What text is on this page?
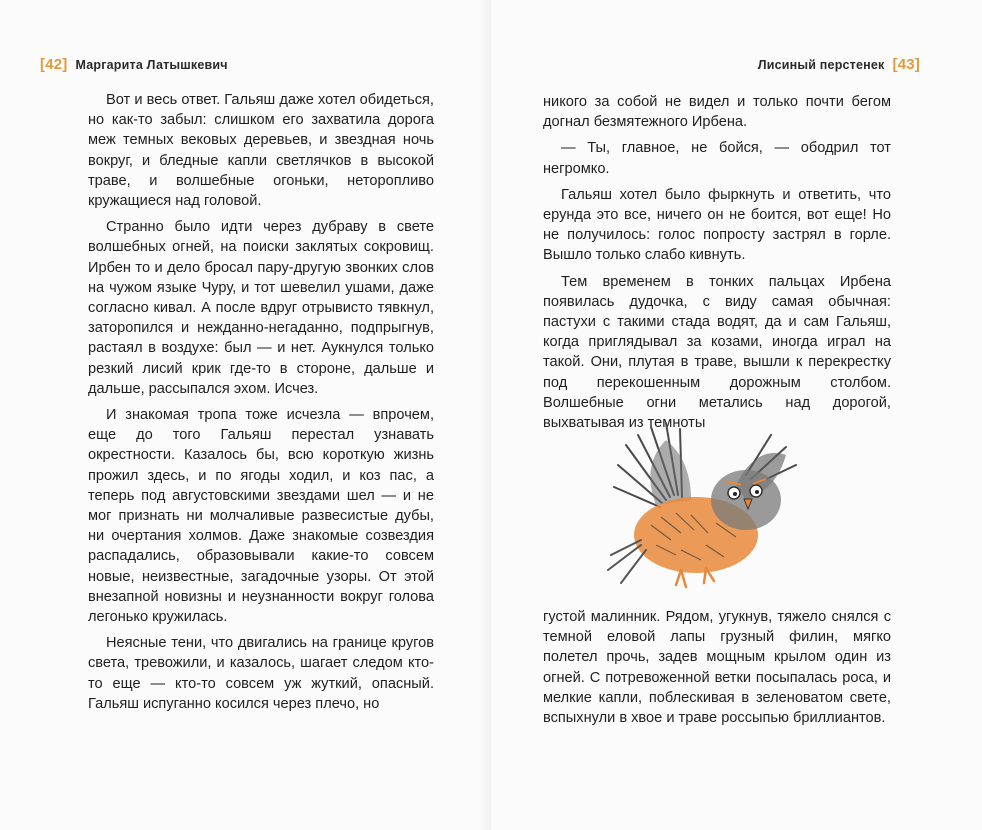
[42] Маргарита Латышкевич

Вот и весь ответ. Гальяш даже хотел обидеться, но как-то забыл: слишком его захватила дорога меж темных вековых деревьев, и звездная ночь вокруг, и бледные капли светлячков в высокой траве, и волшебные огоньки, неторопливо кружащиеся над головой.

Странно было идти через дубраву в свете волшебных огней, на поиски заклятых сокровищ. Ирбен то и дело бросал пару-другую звонких слов на чужом языке Чуру, и тот шевелил ушами, даже согласно кивал. А после вдруг отрывисто тявкнул, заторопился и нежданно-негаданно, подпрыгнув, растаял в воздухе: был — и нет. Аукнулся только резкий лисий крик где-то в стороне, дальше и дальше, рассыпался эхом. Исчез.

И знакомая тропа тоже исчезла — впрочем, еще до того Гальяш перестал узнавать окрестности. Казалось бы, всю короткую жизнь прожил здесь, и по ягоды ходил, и коз пас, а теперь под августовскими звездами шел — и не мог признать ни молчаливые развесистые дубы, ни очертания холмов. Даже знакомые созвездия распадались, образовывали какие-то совсем новые, неизвестные, загадочные узоры. От этой внезапной новизны и неузнанности вокруг голова легонько кружилась.

Неясные тени, что двигались на границе кругов света, тревожили, и казалось, шагает следом кто-то еще — кто-то совсем уж жуткий, опасный. Гальяш испуганно косился через плечо, но

Лисиный перстенек [43]

никого за собой не видел и только почти бегом догнал безмятежного Ирбена.

— Ты, главное, не бойся, — ободрил тот негромко.

Гальяш хотел было фыркнуть и ответить, что ерунда это все, ничего он не боится, вот еще! Но не получилось: голос попросту застрял в горле. Вышло только слабо кивнуть.

Тем временем в тонких пальцах Ирбена появилась дудочка, с виду самая обычная: пастухи с такими стада водят, да и сам Гальяш, когда приглядывал за козами, иногда играл на такой. Они, плутая в траве, вышли к перекрестку под перекошенным дорожным столбом. Волшебные огни метались над дорогой, выхватывая из темноты

густой малинник. Рядом, угукнув, тяжело снялся с темной еловой лапы грузный филин, мягко полетел прочь, задев мощным крылом один из огней. С потревоженной ветки посыпалась роса, и мелкие капли, поблескивая в зеленоватом свете, вспыхнули в хвое и траве россыпью бриллиантов.
